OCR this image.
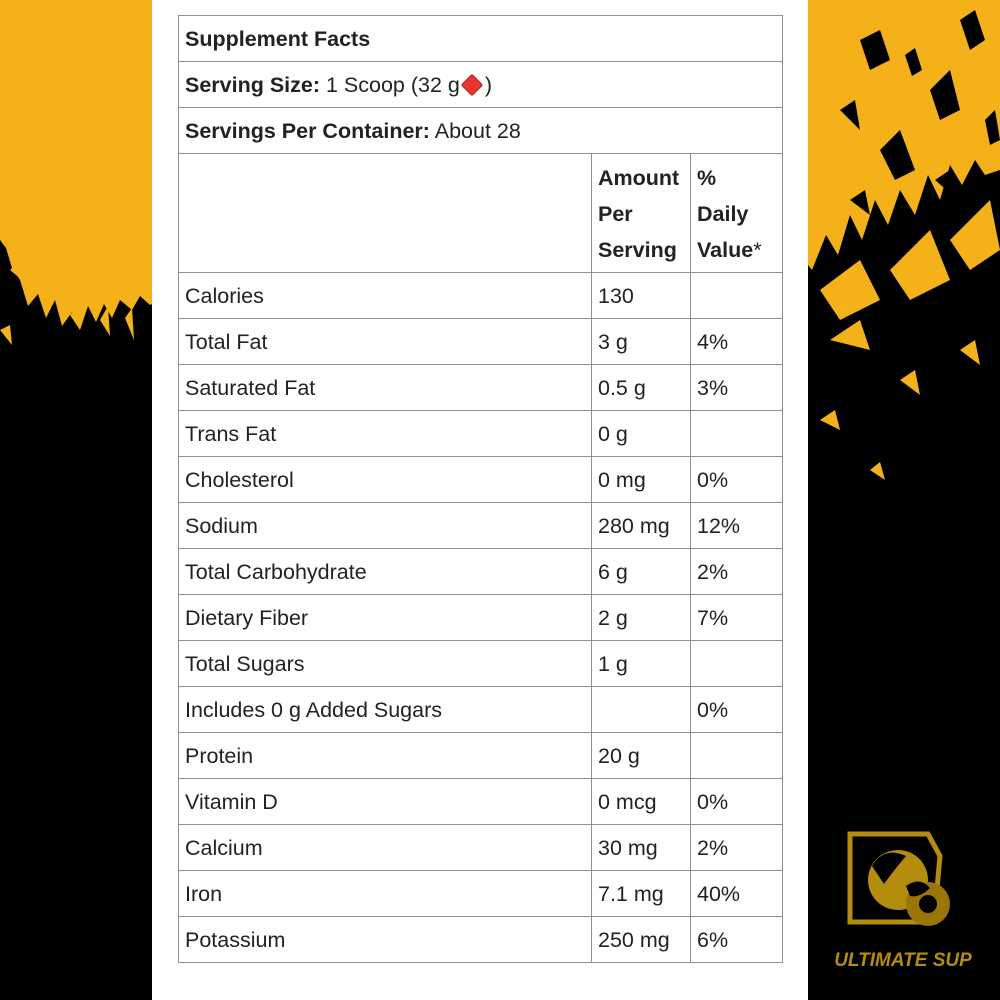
Supplement Facts		
Serving Size: 1 Scoop (32 g )		
Servings Per Container: About 28		

	Amount Per Serving	%
Daily
Value*

Calories	130	
Total Fat	3 g	4%
Saturated Fat	0.5 g	3%
Trans Fat	0 g	
Cholesterol	0 mg	0%
Sodium	280 mg	12%
Total Carbohydrate	6 g	2%
Dietary Fiber	2 g	7%
Total Sugars	1 g	
Includes 0 g Added Sugars		0%
Protein	20 g	
Vitamin D	0 mcg	0%
Calcium	30 mg	2%
Iron	7.1 mg	40%
Potassium	250 mg	6%
ULTIMATE SUP
